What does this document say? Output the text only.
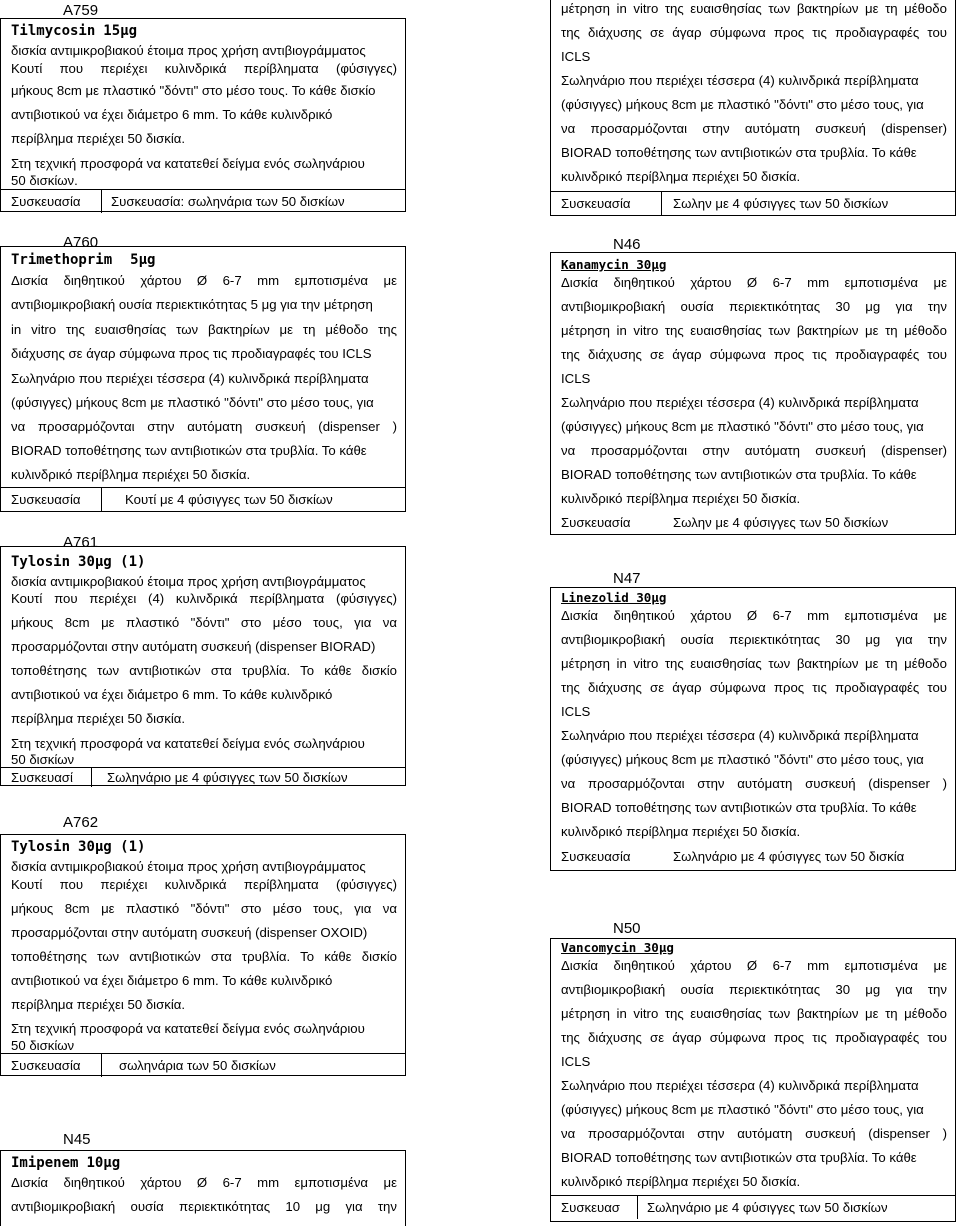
A759
Tilmycosin 15μg
δισκία αντιμικροβιακού έτοιμα προς χρήση αντιβιογράμματος
Κουτί που περιέχει κυλινδρικά περίβληματα (φύσιγγες)
μήκους 8cm με πλαστικό "δόντι" στο μέσο τους. Το κάθε δισκίο
αντιβιοτικού να έχει διάμετρο 6 mm. Το κάθε κυλινδρικό
περίβλημα περιέχει 50 δισκία.
Στη τεχνική προσφορά να κατατεθεί δείγμα ενός σωληνάριου
50 δισκίων.
Συσκευασία Συσκευασία: σωληνάρια των 50 δισκίων
A760
Trimethoprim 5μg
Δισκία διηθητικού χάρτου Ø 6-7 mm εμποτισμένα με
αντιβιομικροβιακή ουσία περιεκτικότητας 5 μg για την μέτρηση
in vitro της ευαισθησίας των βακτηρίων με τη μέθοδο της
διάχυσης σε άγαρ σύμφωνα προς τις προδιαγραφές του ICLS
Σωληνάριο που περιέχει τέσσερα (4) κυλινδρικά περίβληματα
(φύσιγγες) μήκους 8cm με πλαστικό "δόντι" στο μέσο τους, για
να προσαρμόζονται στην αυτόματη συσκευή (dispenser )
BIORAD τοποθέτησης των αντιβιοτικών στα τρυβλία. Το κάθε
κυλινδρικό περίβλημα περιέχει 50 δισκία.
Συσκευασία	Κουτί με 4 φύσιγγες των 50 δισκίων
A761
Tylosin 30μg (1)
δισκία αντιμικροβιακού έτοιμα προς χρήση αντιβιογράμματος
Κουτί που περιέχει (4) κυλινδρικά περίβληματα (φύσιγγες)
μήκους 8cm με πλαστικό "δόντι" στο μέσο τους, για να
προσαρμόζονται στην αυτόματη συσκευή (dispenser BIORAD)
τοποθέτησης των αντιβιοτικών στα τρυβλία. Το κάθε δισκίο
αντιβιοτικού να έχει διάμετρο 6 mm. Το κάθε κυλινδρικό
περίβλημα περιέχει 50 δισκία.
Στη τεχνική προσφορά να κατατεθεί δείγμα ενός σωληνάριου
50 δισκίων
Συσκευασί	Σωληνάριο με 4 φύσιγγες των 50 δισκίων
A762
Tylosin 30μg (1)
δισκία αντιμικροβιακού έτοιμα προς χρήση αντιβιογράμματος
Κουτί που περιέχει κυλινδρικά περίβληματα (φύσιγγες)
μήκους 8cm με πλαστικό "δόντι" στο μέσο τους, για να
προσαρμόζονται στην αυτόματη συσκευή (dispenser OXOID)
τοποθέτησης των αντιβιοτικών στα τρυβλία. Το κάθε δισκίο
αντιβιοτικού να έχει διάμετρο 6 mm. Το κάθε κυλινδρικό
περίβλημα περιέχει 50 δισκία.
Στη τεχνική προσφορά να κατατεθεί δείγμα ενός σωληνάριου
50 δισκίων
Συσκευασία	σωληνάρια των 50 δισκίων
N45
Imipenem 10μg
Δισκία διηθητικού χάρτου Ø 6-7 mm εμποτισμένα με
αντιβιομικροβιακή ουσία περιεκτικότητας 10 μg για την
μέτρηση in vitro της ευαισθησίας των βακτηρίων με τη μέθοδο
της διάχυσης σε άγαρ σύμφωνα προς τις προδιαγραφές του
ICLS
Σωληνάριο που περιέχει τέσσερα (4) κυλινδρικά περίβληματα
(φύσιγγες) μήκους 8cm με πλαστικό "δόντι" στο μέσο τους, για
να προσαρμόζονται στην αυτόματη συσκευή (dispenser)
BIORAD τοποθέτησης των αντιβιοτικών στα τρυβλία. Το κάθε
κυλινδρικό περίβλημα περιέχει 50 δισκία.
Συσκευασία	Σωλην με 4 φύσιγγες των 50 δισκίων
N46
Kanamycin 30μg
Δισκία διηθητικού χάρτου Ø 6-7 mm εμποτισμένα με
αντιβιομικροβιακή ουσία περιεκτικότητας 30 μg για την
μέτρηση in vitro της ευαισθησίας των βακτηρίων με τη μέθοδο
της διάχυσης σε άγαρ σύμφωνα προς τις προδιαγραφές του
ICLS
Σωληνάριο που περιέχει τέσσερα (4) κυλινδρικά περίβληματα
(φύσιγγες) μήκους 8cm με πλαστικό "δόντι" στο μέσο τους, για
να προσαρμόζονται στην αυτόματη συσκευή (dispenser)
BIORAD τοποθέτησης των αντιβιοτικών στα τρυβλία. Το κάθε
κυλινδρικό περίβλημα περιέχει 50 δισκία.
Συσκευασία	Σωλην με 4 φύσιγγες των 50 δισκίων
N47
Linezolid 30μg
Δισκία διηθητικού χάρτου Ø 6-7 mm εμποτισμένα με
αντιβιομικροβιακή ουσία περιεκτικότητας 30 μg για την
μέτρηση in vitro της ευαισθησίας των βακτηρίων με τη μέθοδο
της διάχυσης σε άγαρ σύμφωνα προς τις προδιαγραφές του
ICLS
Σωληνάριο που περιέχει τέσσερα (4) κυλινδρικά περίβληματα
(φύσιγγες) μήκους 8cm με πλαστικό "δόντι" στο μέσο τους, για
να προσαρμόζονται στην αυτόματη συσκευή (dispenser )
BIORAD τοποθέτησης των αντιβιοτικών στα τρυβλία. Το κάθε
κυλινδρικό περίβλημα περιέχει 50 δισκία.
Συσκευασία	Σωληνάριο με 4 φύσιγγες των 50 δισκία
N50
Vancomycin 30μg
Δισκία διηθητικού χάρτου Ø 6-7 mm εμποτισμένα με
αντιβιομικροβιακή ουσία περιεκτικότητας 30 μg για την
μέτρηση in vitro της ευαισθησίας των βακτηρίων με τη μέθοδο
της διάχυσης σε άγαρ σύμφωνα προς τις προδιαγραφές του
ICLS
Σωληνάριο που περιέχει τέσσερα (4) κυλινδρικά περίβληματα
(φύσιγγες) μήκους 8cm με πλαστικό "δόντι" στο μέσο τους, για
να προσαρμόζονται στην αυτόματη συσκευή (dispenser )
BIORAD τοποθέτησης των αντιβιοτικών στα τρυβλία. Το κάθε
κυλινδρικό περίβλημα περιέχει 50 δισκία.
Συσκευασ Σωληνάριο με 4 φύσιγγες των 50 δισκίων
